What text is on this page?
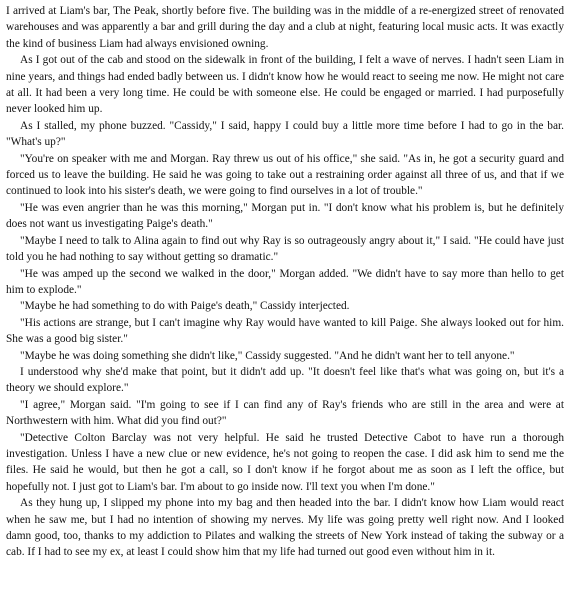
I arrived at Liam's bar, The Peak, shortly before five. The building was in the middle of a re-energized street of renovated warehouses and was apparently a bar and grill during the day and a club at night, featuring local music acts. It was exactly the kind of business Liam had always envisioned owning.

As I got out of the cab and stood on the sidewalk in front of the building, I felt a wave of nerves. I hadn't seen Liam in nine years, and things had ended badly between us. I didn't know how he would react to seeing me now. He might not care at all. It had been a very long time. He could be with someone else. He could be engaged or married. I had purposefully never looked him up.

As I stalled, my phone buzzed. "Cassidy," I said, happy I could buy a little more time before I had to go in the bar. "What's up?"

"You're on speaker with me and Morgan. Ray threw us out of his office," she said. "As in, he got a security guard and forced us to leave the building. He said he was going to take out a restraining order against all three of us, and that if we continued to look into his sister's death, we were going to find ourselves in a lot of trouble."

"He was even angrier than he was this morning," Morgan put in. "I don't know what his problem is, but he definitely does not want us investigating Paige's death."

"Maybe I need to talk to Alina again to find out why Ray is so outrageously angry about it," I said. "He could have just told you he had nothing to say without getting so dramatic."

"He was amped up the second we walked in the door," Morgan added. "We didn't have to say more than hello to get him to explode."

"Maybe he had something to do with Paige's death," Cassidy interjected.

"His actions are strange, but I can't imagine why Ray would have wanted to kill Paige. She always looked out for him. She was a good big sister."

"Maybe he was doing something she didn't like," Cassidy suggested. "And he didn't want her to tell anyone."

I understood why she'd make that point, but it didn't add up. "It doesn't feel like that's what was going on, but it's a theory we should explore."

"I agree," Morgan said. "I'm going to see if I can find any of Ray's friends who are still in the area and were at Northwestern with him. What did you find out?"

"Detective Colton Barclay was not very helpful. He said he trusted Detective Cabot to have run a thorough investigation. Unless I have a new clue or new evidence, he's not going to reopen the case. I did ask him to send me the files. He said he would, but then he got a call, so I don't know if he forgot about me as soon as I left the office, but hopefully not. I just got to Liam's bar. I'm about to go inside now. I'll text you when I'm done."

As they hung up, I slipped my phone into my bag and then headed into the bar. I didn't know how Liam would react when he saw me, but I had no intention of showing my nerves. My life was going pretty well right now. And I looked damn good, too, thanks to my addiction to Pilates and walking the streets of New York instead of taking the subway or a cab. If I had to see my ex, at least I could show him that my life had turned out good even without him in it.
